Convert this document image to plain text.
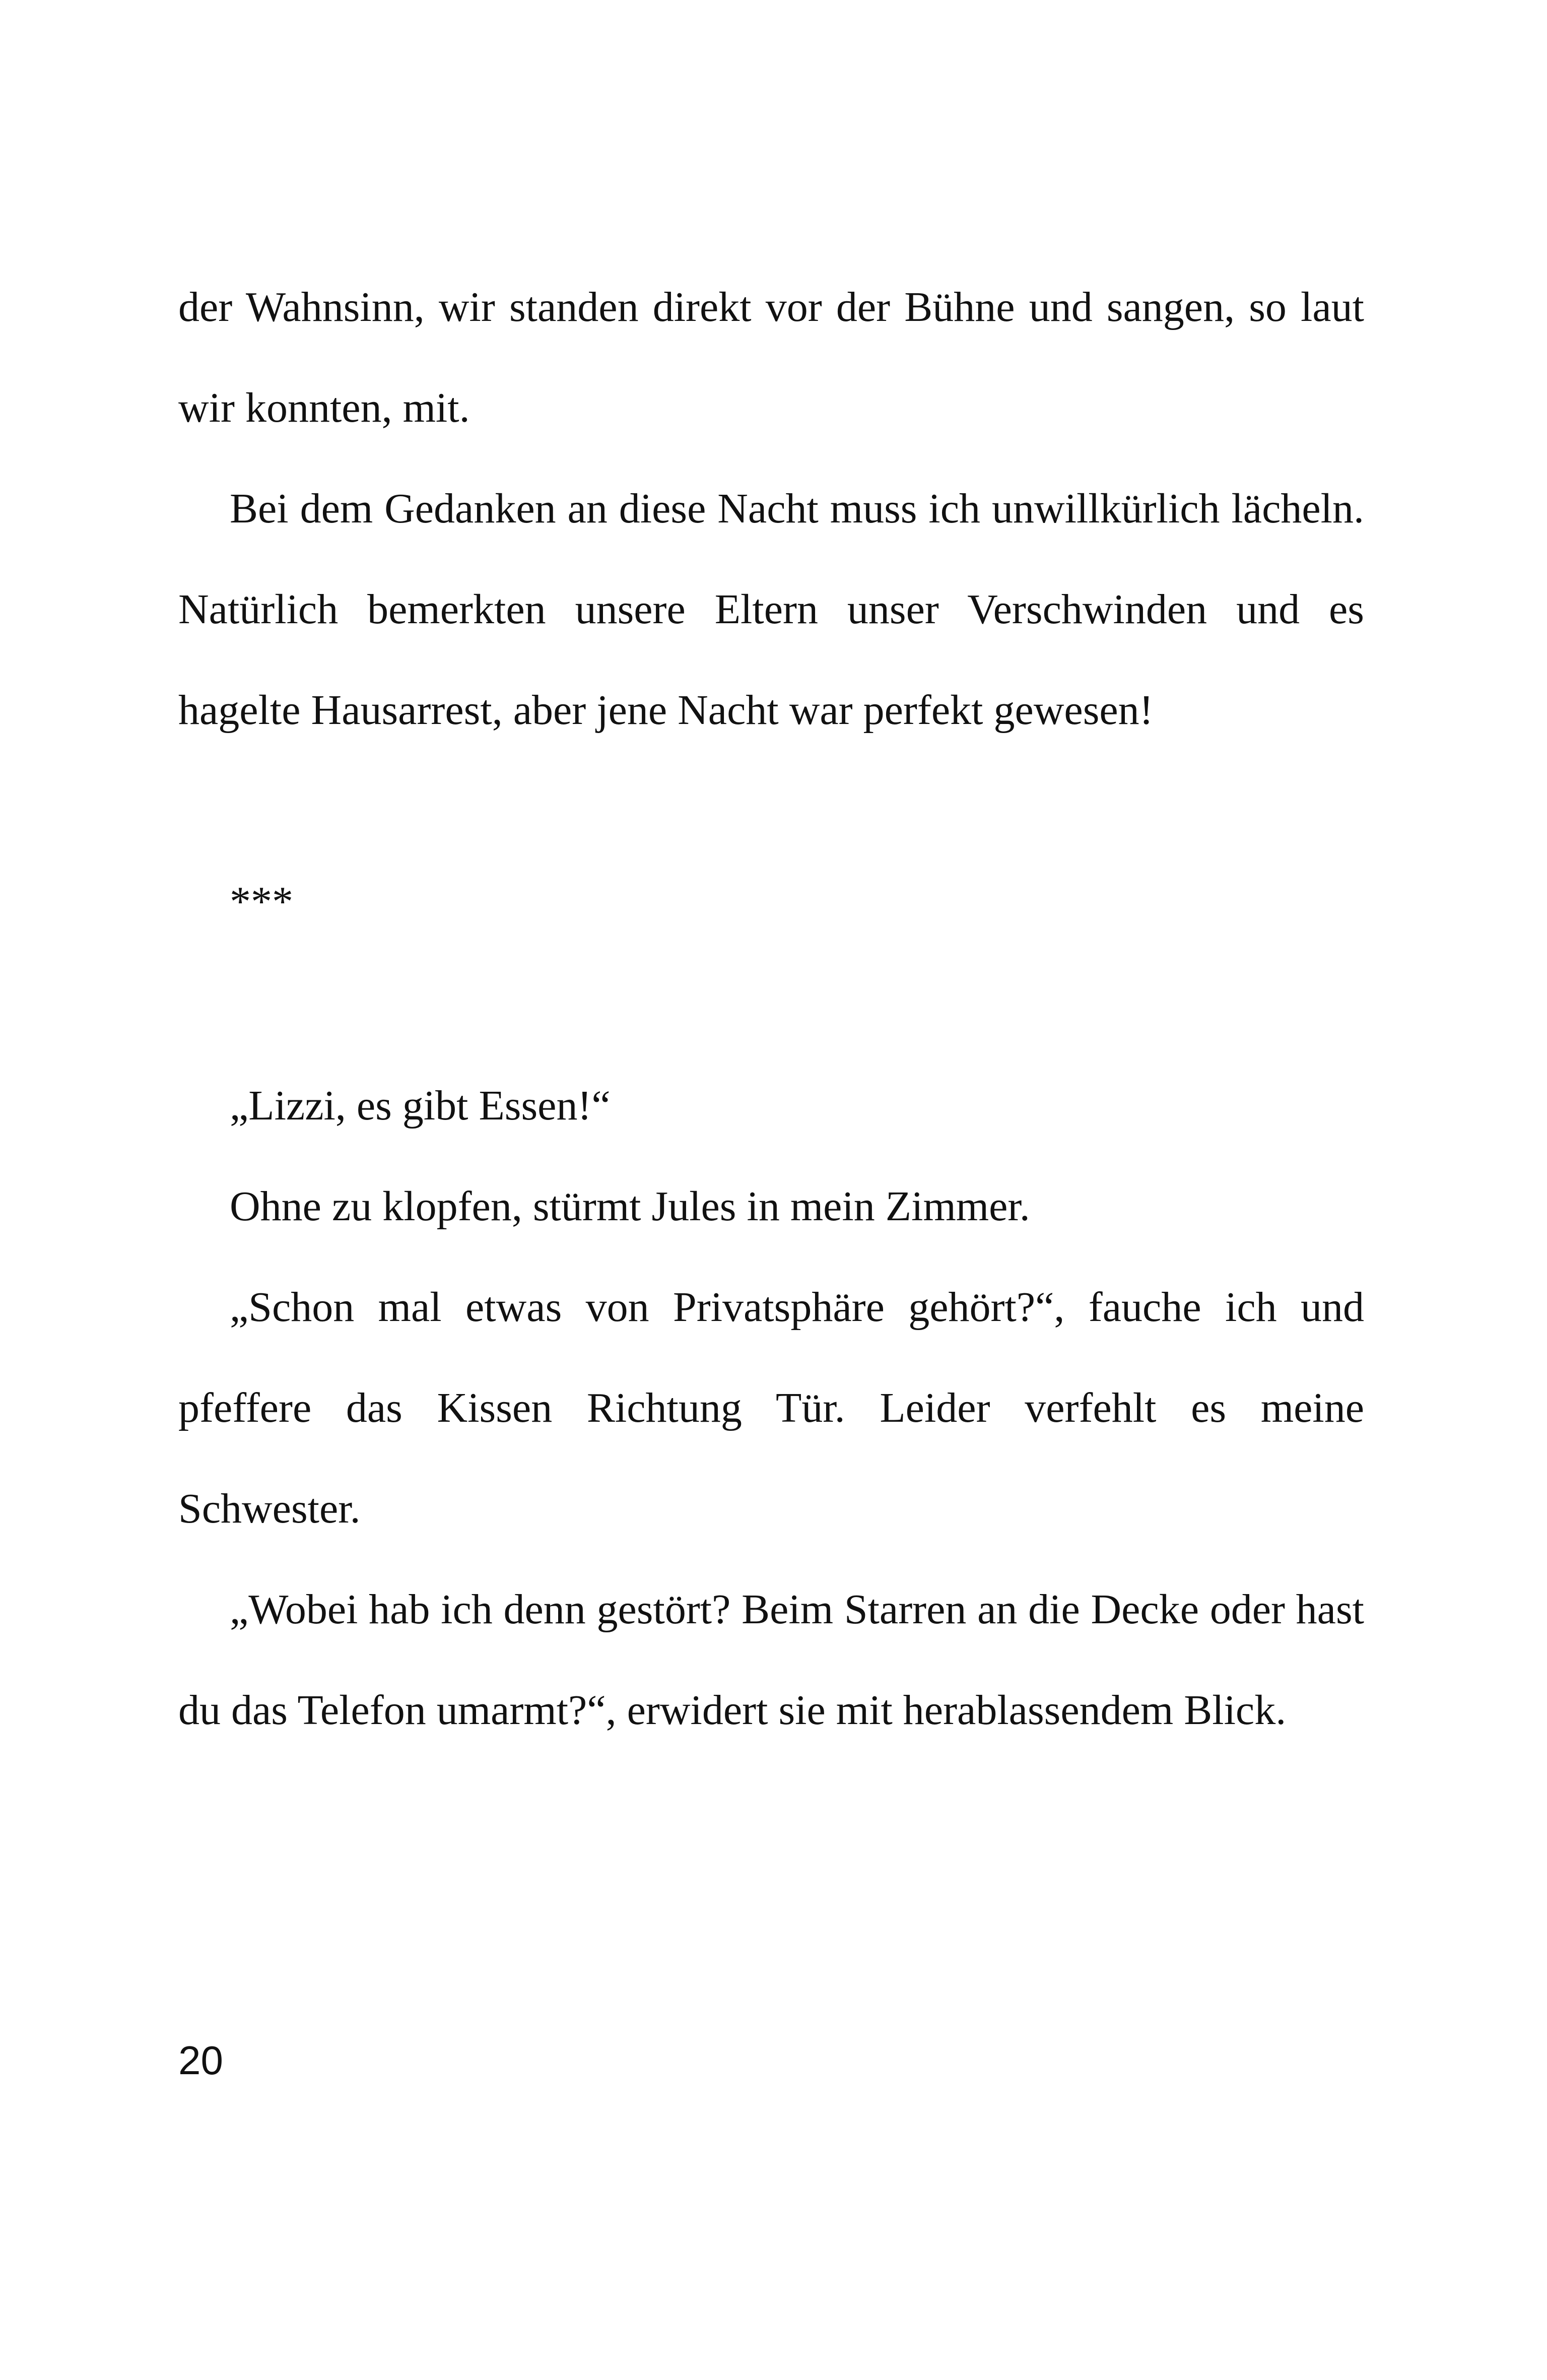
der Wahnsinn, wir standen direkt vor der Bühne und sangen, so laut wir konnten, mit.

Bei dem Gedanken an diese Nacht muss ich unwillkürlich lächeln. Natürlich bemerkten unsere Eltern unser Verschwinden und es hagelte Hausarrest, aber jene Nacht war perfekt gewesen!

***

„Lizzi, es gibt Essen!“

Ohne zu klopfen, stürmt Jules in mein Zimmer.

„Schon mal etwas von Privatsphäre gehört?“, fauche ich und pfeffere das Kissen Richtung Tür. Leider verfehlt es meine Schwester.

„Wobei hab ich denn gestört? Beim Starren an die Decke oder hast du das Telefon umarmt?“, erwidert sie mit herablassendem Blick.

20
